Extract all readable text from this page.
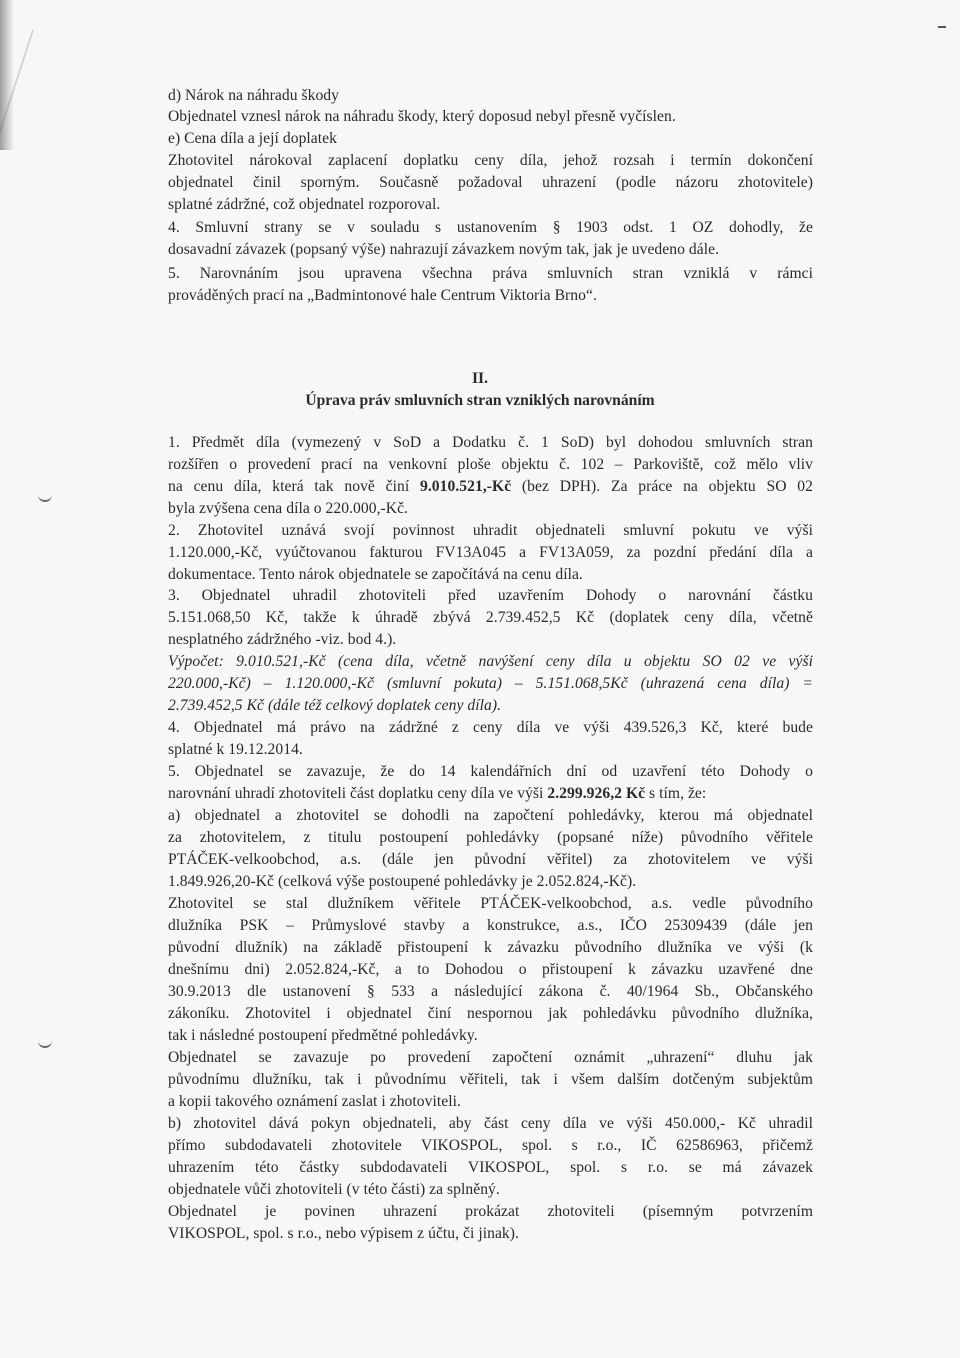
d) Nárok na náhradu škody
Objednatel vznesl nárok na náhradu škody, který doposud nebyl přesně vyčíslen.
e) Cena díla a její doplatek
Zhotovitel nárokoval zaplacení doplatku ceny díla, jehož rozsah i termín dokončení
objednatel činil sporným. Současně požadoval uhrazení (podle názoru zhotovitele)
splatné zádržné, což objednatel rozporoval.
4. Smluvní strany se v souladu s ustanovením § 1903 odst. 1 OZ dohodly, že
dosavadní závazek (popsaný výše) nahrazují závazkem novým tak, jak je uvedeno dále.
5. Narovnáním jsou upravena všechna práva smluvních stran vzniklá v rámci
prováděných prací na „Badmintonové hale Centrum Viktoria Brno“.
II.
Úprava práv smluvních stran vzniklých narovnáním
1. Předmět díla (vymezený v SoD a Dodatku č. 1 SoD) byl dohodou smluvních stran
rozšířen o provedení prací na venkovní ploše objektu č. 102 – Parkoviště, což mělo vliv
na cenu díla, která tak nově činí 9.010.521,-Kč (bez DPH). Za práce na objektu SO 02
byla zvýšena cena díla o 220.000,-Kč.
2. Zhotovitel uznává svojí povinnost uhradit objednateli smluvní pokutu ve výši
1.120.000,-Kč, vyúčtovanou fakturou FV13A045 a FV13A059, za pozdní předání díla a
dokumentace. Tento nárok objednatele se započítává na cenu díla.
3. Objednatel uhradil zhotoviteli před uzavřením Dohody o narovnání částku
5.151.068,50 Kč, takže k úhradě zbývá 2.739.452,5 Kč (doplatek ceny díla, včetně
nesplatného zádržného -viz. bod 4.).
Výpočet: 9.010.521,-Kč (cena díla, včetně navýšení ceny díla u objektu SO 02 ve výši
220.000,-Kč) – 1.120.000,-Kč (smluvní pokuta) – 5.151.068,5Kč (uhrazená cena díla) =
2.739.452,5 Kč (dále též celkový doplatek ceny díla).
4. Objednatel má právo na zádržné z ceny díla ve výši 439.526,3 Kč, které bude
splatné k 19.12.2014.
5. Objednatel se zavazuje, že do 14 kalendářních dní od uzavření této Dohody o
narovnání uhradí zhotoviteli část doplatku ceny díla ve výši 2.299.926,2 Kč s tím, že:
a) objednatel a zhotovitel se dohodli na započtení pohledávky, kterou má objednatel
za zhotovitelem, z titulu postoupení pohledávky (popsané níže) původního věřitele
PTÁČEK-velkoobchod, a.s. (dále jen původní věřitel) za zhotovitelem ve výši
1.849.926,20-Kč (celková výše postoupené pohledávky je 2.052.824,-Kč).
Zhotovitel se stal dlužníkem věřitele PTÁČEK-velkoobchod, a.s. vedle původního
dlužníka PSK – Průmyslové stavby a konstrukce, a.s., IČO 25309439 (dále jen
původní dlužník) na základě přistoupení k závazku původního dlužníka ve výši (k
dnešnímu dni) 2.052.824,-Kč, a to Dohodou o přistoupení k závazku uzavřené dne
30.9.2013 dle ustanovení § 533 a následující zákona č. 40/1964 Sb., Občanského
zákoníku. Zhotovitel i objednatel činí nespornou jak pohledávku původního dlužníka,
tak i následné postoupení předmětné pohledávky.
Objednatel se zavazuje po provedení započtení oznámit „uhrazení“ dluhu jak
původnímu dlužníku, tak i původnímu věřiteli, tak i všem dalším dotčeným subjektům
a kopii takového oznámení zaslat i zhotoviteli.
b) zhotovitel dává pokyn objednateli, aby část ceny díla ve výši 450.000,- Kč uhradil
přímo subdodavateli zhotovitele VIKOSPOL, spol. s r.o., IČ 62586963, přičemž
uhrazením této částky subdodavateli VIKOSPOL, spol. s r.o. se má závazek
objednatele vůči zhotoviteli (v této části) za splněný.
Objednatel je povinen uhrazení prokázat zhotoviteli (písemným potvrzením
VIKOSPOL, spol. s r.o., nebo výpisem z účtu, či jinak).
